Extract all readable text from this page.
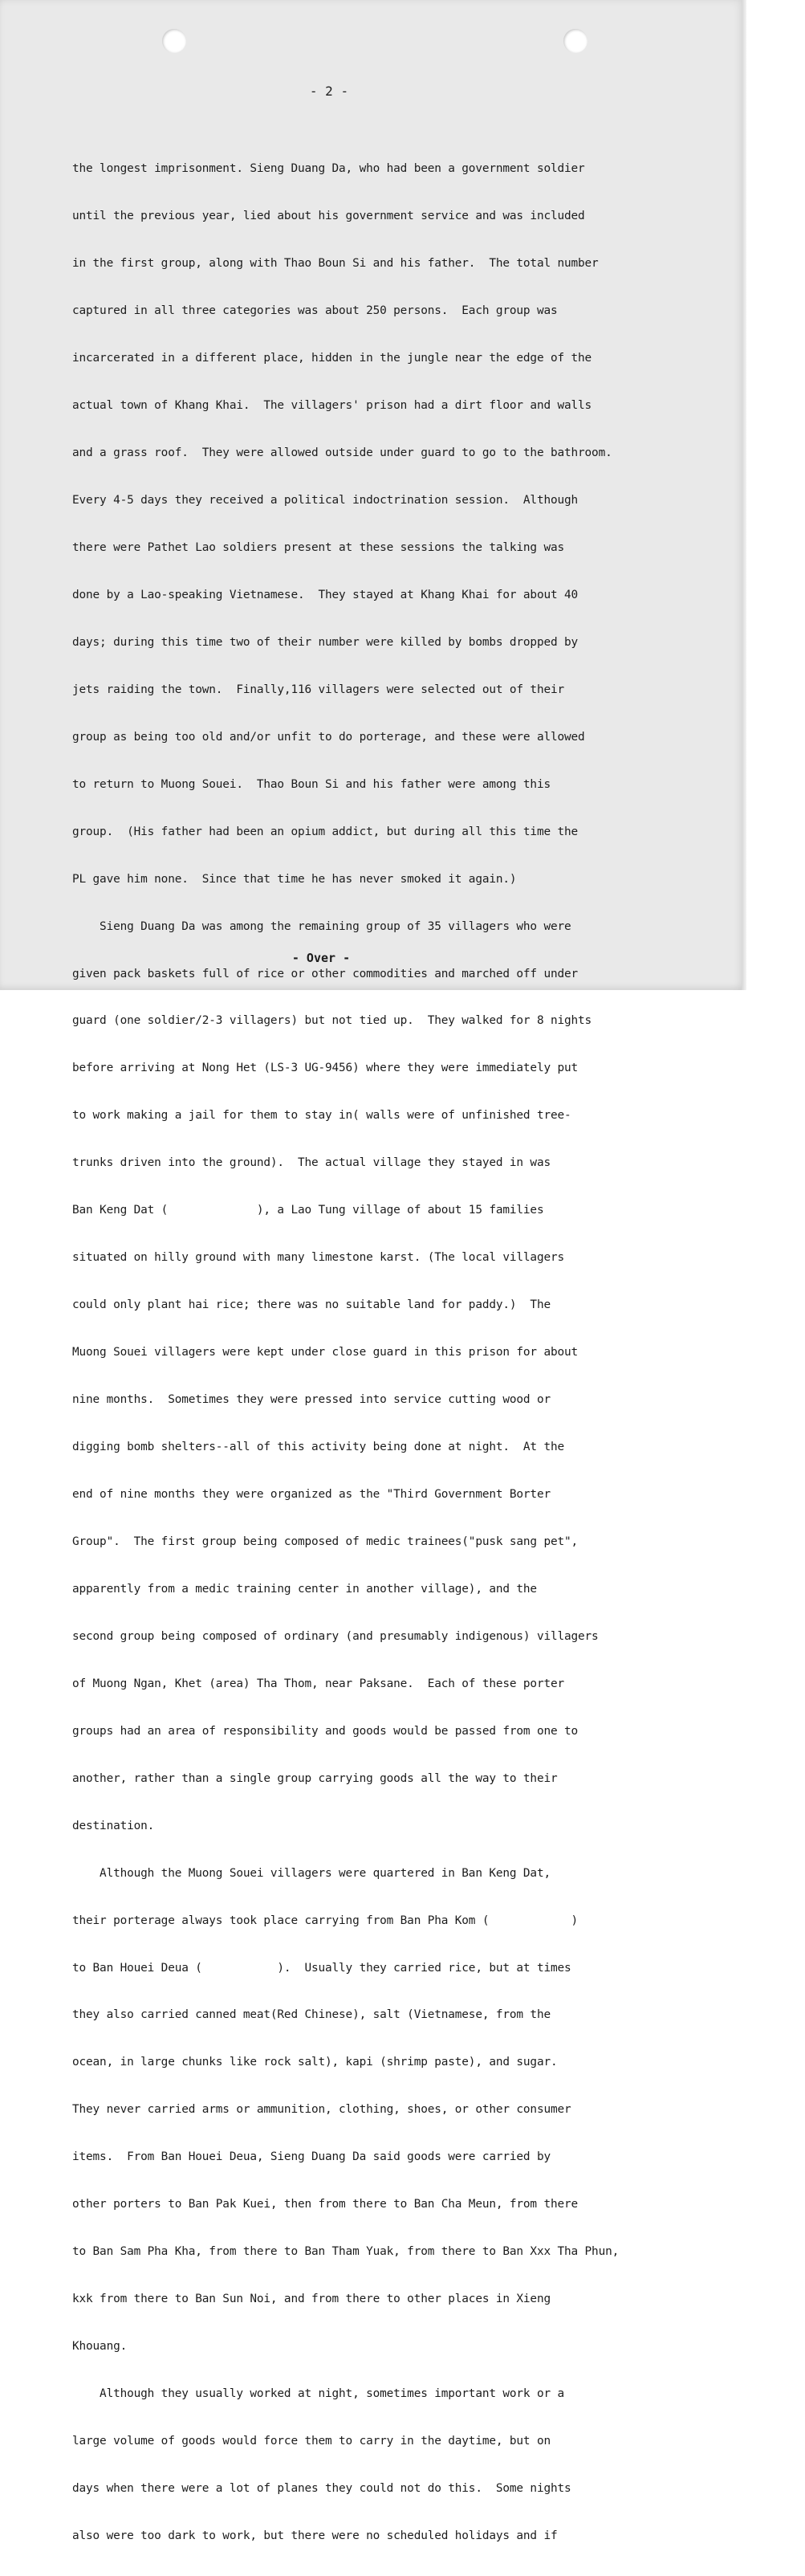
- 2 -

the longest imprisonment. Sieng Duang Da, who had been a government soldier

until the previous year, lied about his government service and was included

in the first group, along with Thao Boun Si and his father.  The total number

captured in all three categories was about 250 persons.  Each group was

incarcerated in a different place, hidden in the jungle near the edge of the

actual town of Khang Khai.  The villagers' prison had a dirt floor and walls

and a grass roof.  They were allowed outside under guard to go to the bathroom.

Every 4-5 days they received a political indoctrination session.  Although

there were Pathet Lao soldiers present at these sessions the talking was

done by a Lao-speaking Vietnamese.  They stayed at Khang Khai for about 40

days; during this time two of their number were killed by bombs dropped by

jets raiding the town.  Finally,116 villagers were selected out of their

group as being too old and/or unfit to do porterage, and these were allowed

to return to Muong Souei.  Thao Boun Si and his father were among this

group.  (His father had been an opium addict, but during all this time the

PL gave him none.  Since that time he has never smoked it again.)

Sieng Duang Da was among the remaining group of 35 villagers who were

given pack baskets full of rice or other commodities and marched off under

guard (one soldier/2-3 villagers) but not tied up.  They walked for 8 nights

before arriving at Nong Het (LS-3 UG-9456) where they were immediately put

to work making a jail for them to stay in( walls were of unfinished tree-

trunks driven into the ground).  The actual village they stayed in was

Ban Keng Dat (             ), a Lao Tung village of about 15 families

situated on hilly ground with many limestone karst. (The local villagers

could only plant hai rice; there was no suitable land for paddy.)  The

Muong Souei villagers were kept under close guard in this prison for about

nine months.  Sometimes they were pressed into service cutting wood or

digging bomb shelters--all of this activity being done at night.  At the

end of nine months they were organized as the "Third Government Borter

Group".  The first group being composed of medic trainees("pusk sang pet",

apparently from a medic training center in another village), and the

second group being composed of ordinary (and presumably indigenous) villagers

of Muong Ngan, Khet (area) Tha Thom, near Paksane.  Each of these porter

groups had an area of responsibility and goods would be passed from one to

another, rather than a single group carrying goods all the way to their

destination.

Although the Muong Souei villagers were quartered in Ban Keng Dat,

their porterage always took place carrying from Ban Pha Kom (            )

to Ban Houei Deua (           ).  Usually they carried rice, but at times

they also carried canned meat(Red Chinese), salt (Vietnamese, from the

ocean, in large chunks like rock salt), kapi (shrimp paste), and sugar.

They never carried arms or ammunition, clothing, shoes, or other consumer

items.  From Ban Houei Deua, Sieng Duang Da said goods were carried by

other porters to Ban Pak Kuei, then from there to Ban Cha Meun, from there

to Ban Sam Pha Kha, from there to Ban Tham Yuak, from there to Ban Xxx Tha Phun,

kxk from there to Ban Sun Noi, and from there to other places in Xieng

Khouang.

Although they usually worked at night, sometimes important work or a

large volume of goods would force them to carry in the daytime, but on

days when there were a lot of planes they could not do this.  Some nights

also were too dark to work, but there were no scheduled holidays and if

- Over -
